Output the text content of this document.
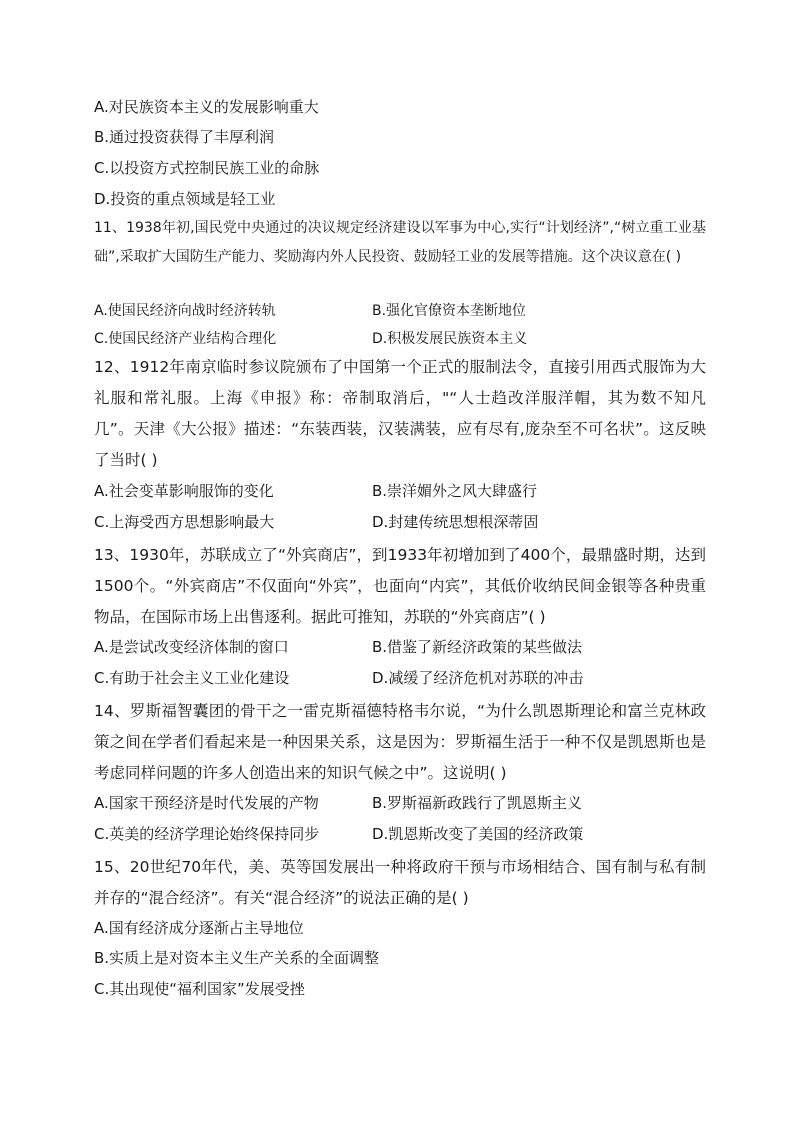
A.对民族资本主义的发展影响重大
B.通过投资获得了丰厚利润
C.以投资方式控制民族工业的命脉
D.投资的重点领域是轻工业
11、1938年初,国民党中央通过的决议规定经济建设以军事为中心,实行“计划经济”,“树立重工业基础”,采取扩大国防生产能力、奖励海内外人民投资、鼓励轻工业的发展等措施。这个决议意在( )
A.使国民经济向战时经济转轨	B.强化官僚资本垄断地位
C.使国民经济产业结构合理化	D.积极发展民族资本主义
12、1912年南京临时参议院颁布了中国第一个正式的服制法令，直接引用西式服饰为大礼服和常礼服。上海《申报》称：帝制取消后，"“人士趋改洋服洋帽，其为数不知凡几”。天津《大公报》描述：“东装西装，汉装满装，应有尽有,庞杂至不可名状”。这反映了当时( )
A.社会变革影响服饰的变化	B.崇洋媚外之风大肆盛行
C.上海受西方思想影响最大	D.封建传统思想根深蒂固
13、1930年，苏联成立了“外宾商店”，到1933年初增加到了400个，最鼎盛时期，达到1500个。“外宾商店”不仅面向“外宾”，也面向“内宾”，其低价收纳民间金银等各种贵重物品，在国际市场上出售逐利。据此可推知，苏联的“外宾商店”( )
A.是尝试改变经济体制的窗口	B.借鉴了新经济政策的某些做法
C.有助于社会主义工业化建设	D.减缓了经济危机对苏联的冲击
14、罗斯福智囊团的骨干之一雷克斯福德特格韦尔说，“为什么凯恩斯理论和富兰克林政策之间在学者们看起来是一种因果关系，这是因为：罗斯福生活于一种不仅是凯恩斯也是考虑同样问题的许多人创造出来的知识气候之中”。这说明( )
A.国家干预经济是时代发展的产物	B.罗斯福新政践行了凯恩斯主义
C.英美的经济学理论始终保持同步	D.凯恩斯改变了美国的经济政策
15、20世纪70年代，美、英等国发展出一种将政府干预与市场相结合、国有制与私有制并存的“混合经济”。有关“混合经济”的说法正确的是( )
A.国有经济成分逐渐占主导地位
B.实质上是对资本主义生产关系的全面调整
C.其出现使“福利国家”发展受挫
